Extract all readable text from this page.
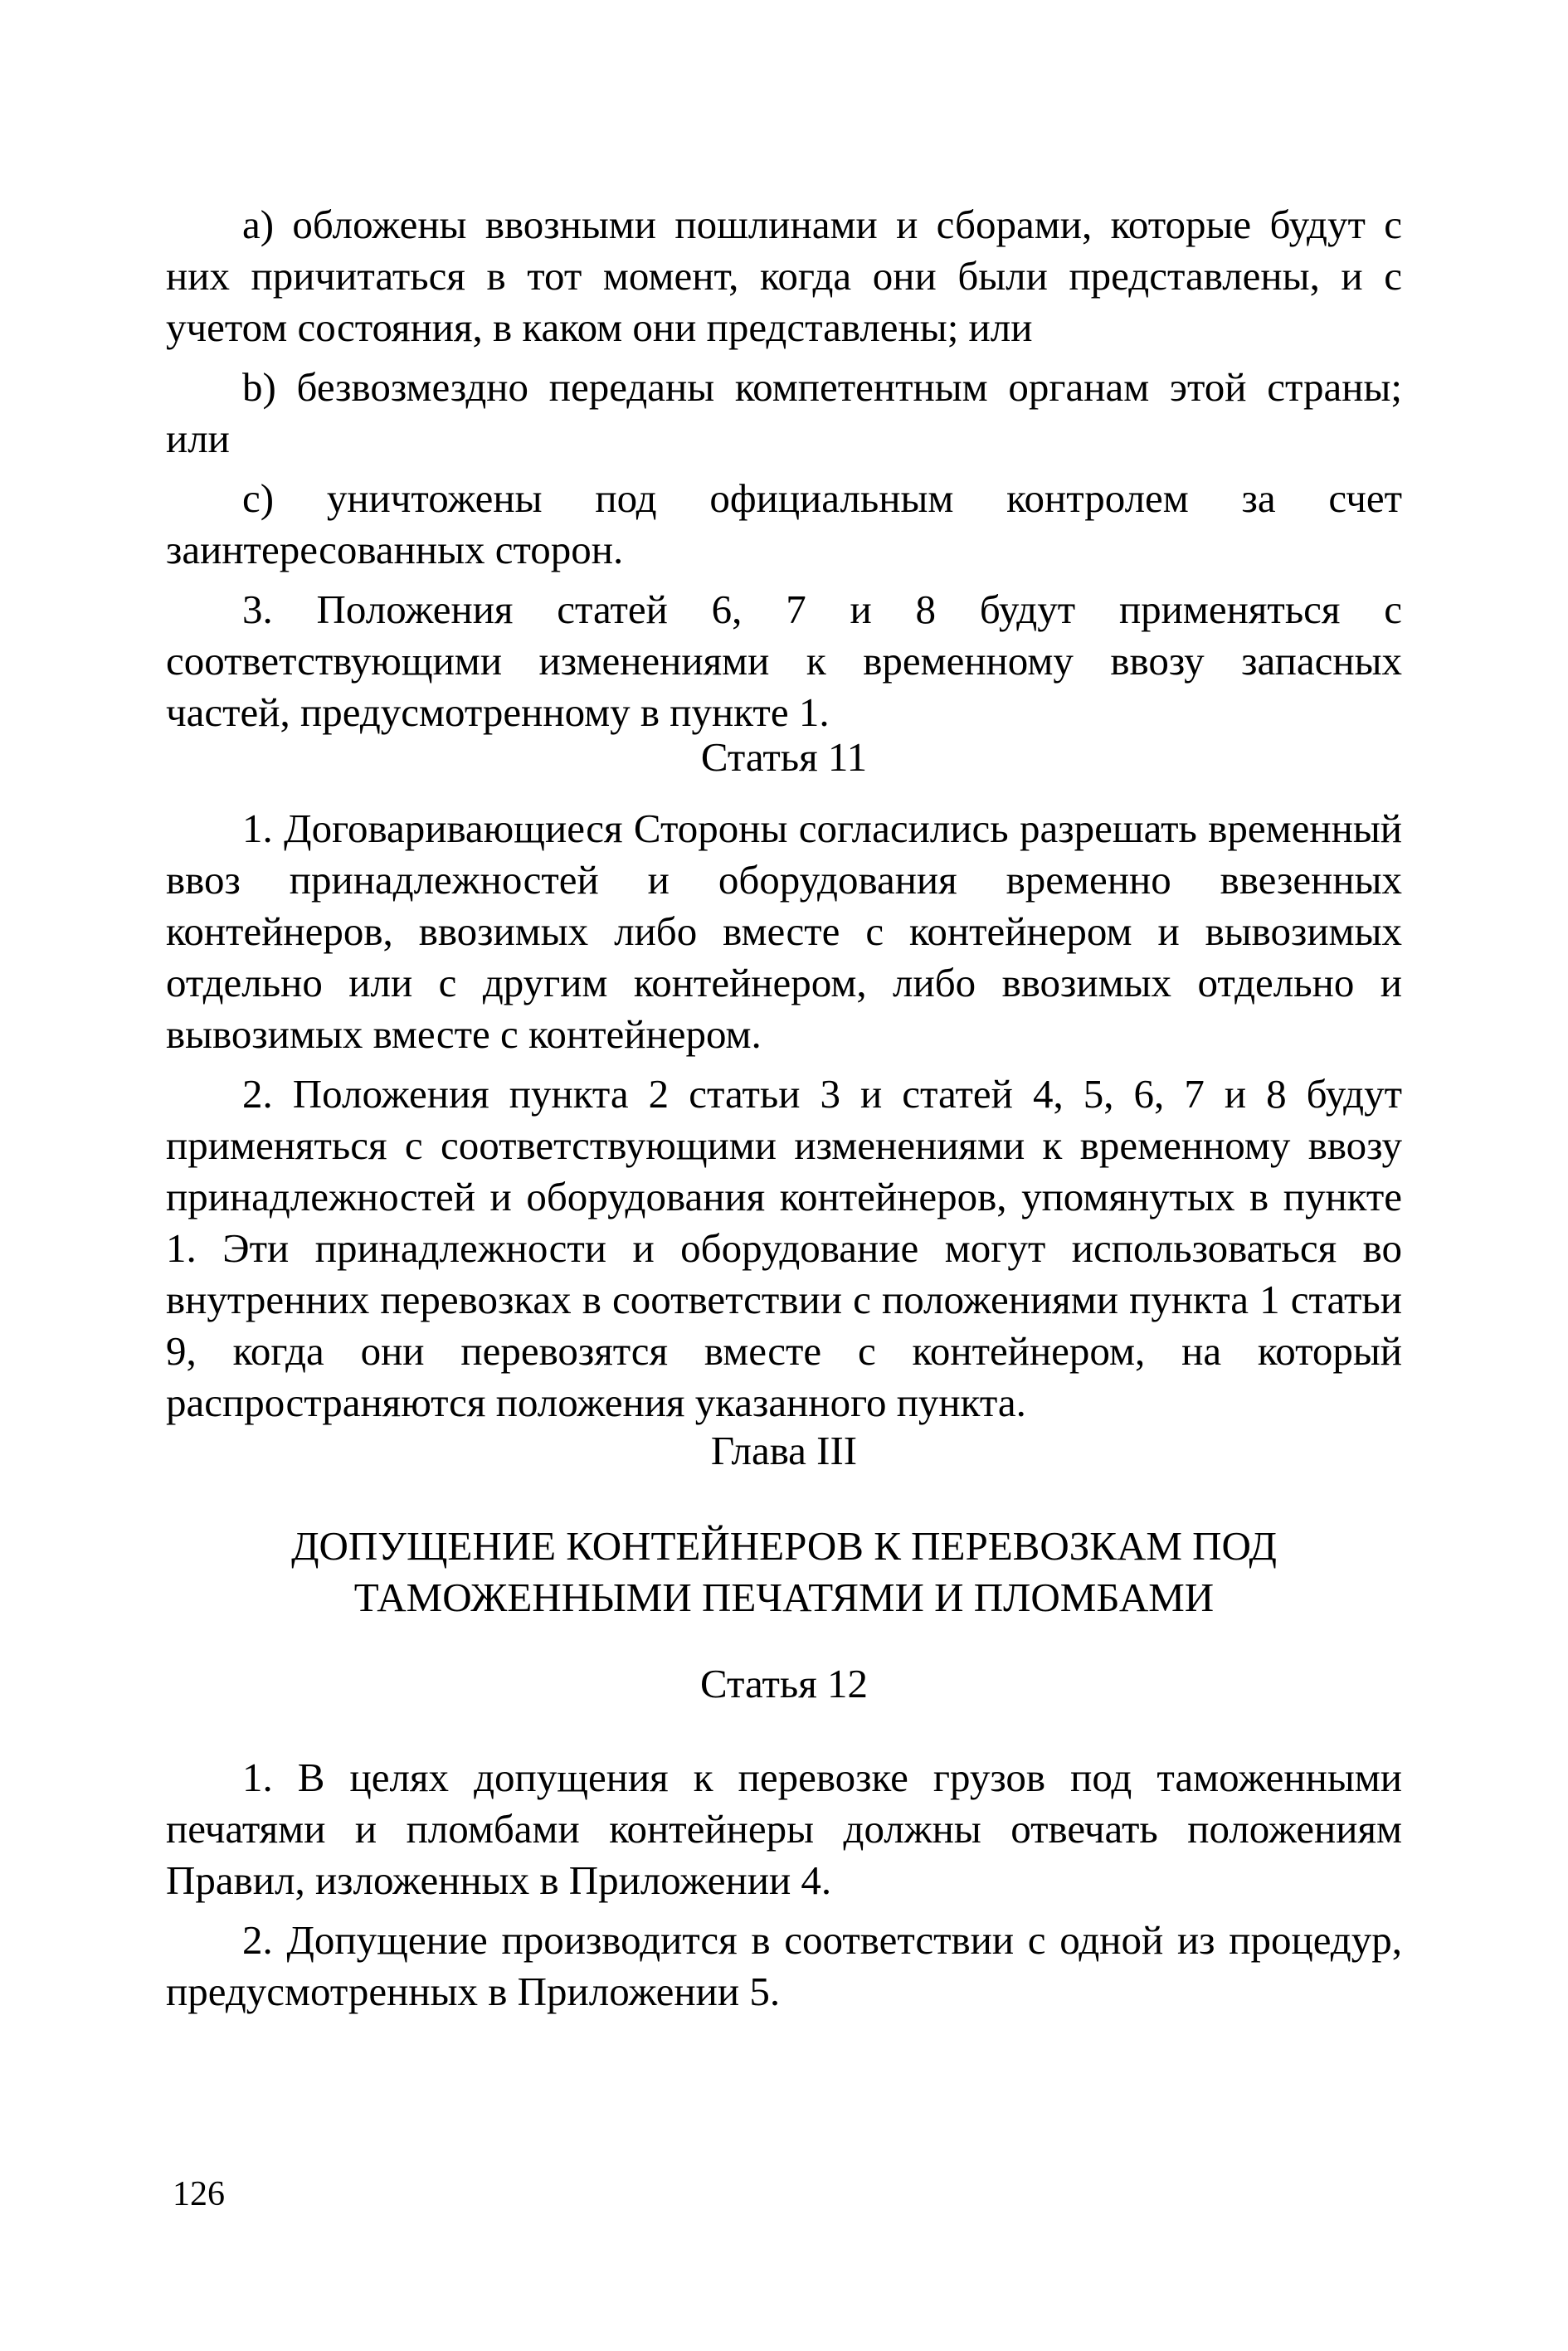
а) обложены ввозными пошлинами и сборами, которые будут с них причитаться в тот момент, когда они были представлены, и с учетом состояния, в каком они представлены; или

b) безвозмездно переданы компетентным органам этой страны; или

с) уничтожены под официальным контролем за счет заинтересованных сторон.

3. Положения статей 6, 7 и 8 будут применяться с соответствующими изменениями к временному ввозу запасных частей, предусмотренному в пункте 1.

Статья 11

1. Договаривающиеся Стороны согласились разрешать временный ввоз принадлежностей и оборудования временно ввезенных контейнеров, ввозимых либо вместе с контейнером и вывозимых отдельно или с другим контейнером, либо ввозимых отдельно и вывозимых вместе с контейнером.

2. Положения пункта 2 статьи 3 и статей 4, 5, 6, 7 и 8 будут применяться с соответствующими изменениями к временному ввозу принадлежностей и оборудования контейнеров, упомянутых в пункте 1. Эти принадлежности и оборудование могут использоваться во внутренних перевозках в соответствии с положениями пункта 1 статьи 9, когда они перевозятся вместе с контейнером, на который распространяются положения указанного пункта.

Глава III
ДОПУЩЕНИЕ КОНТЕЙНЕРОВ К ПЕРЕВОЗКАМ ПОД
ТАМОЖЕННЫМИ ПЕЧАТЯМИ И ПЛОМБАМИ
Статья 12

1. В целях допущения к перевозке грузов под таможенными печатями и пломбами контейнеры должны отвечать положениям Правил, изложенных в Приложении 4.

2. Допущение производится в соответствии с одной из процедур, предусмотренных в Приложении 5.

126
